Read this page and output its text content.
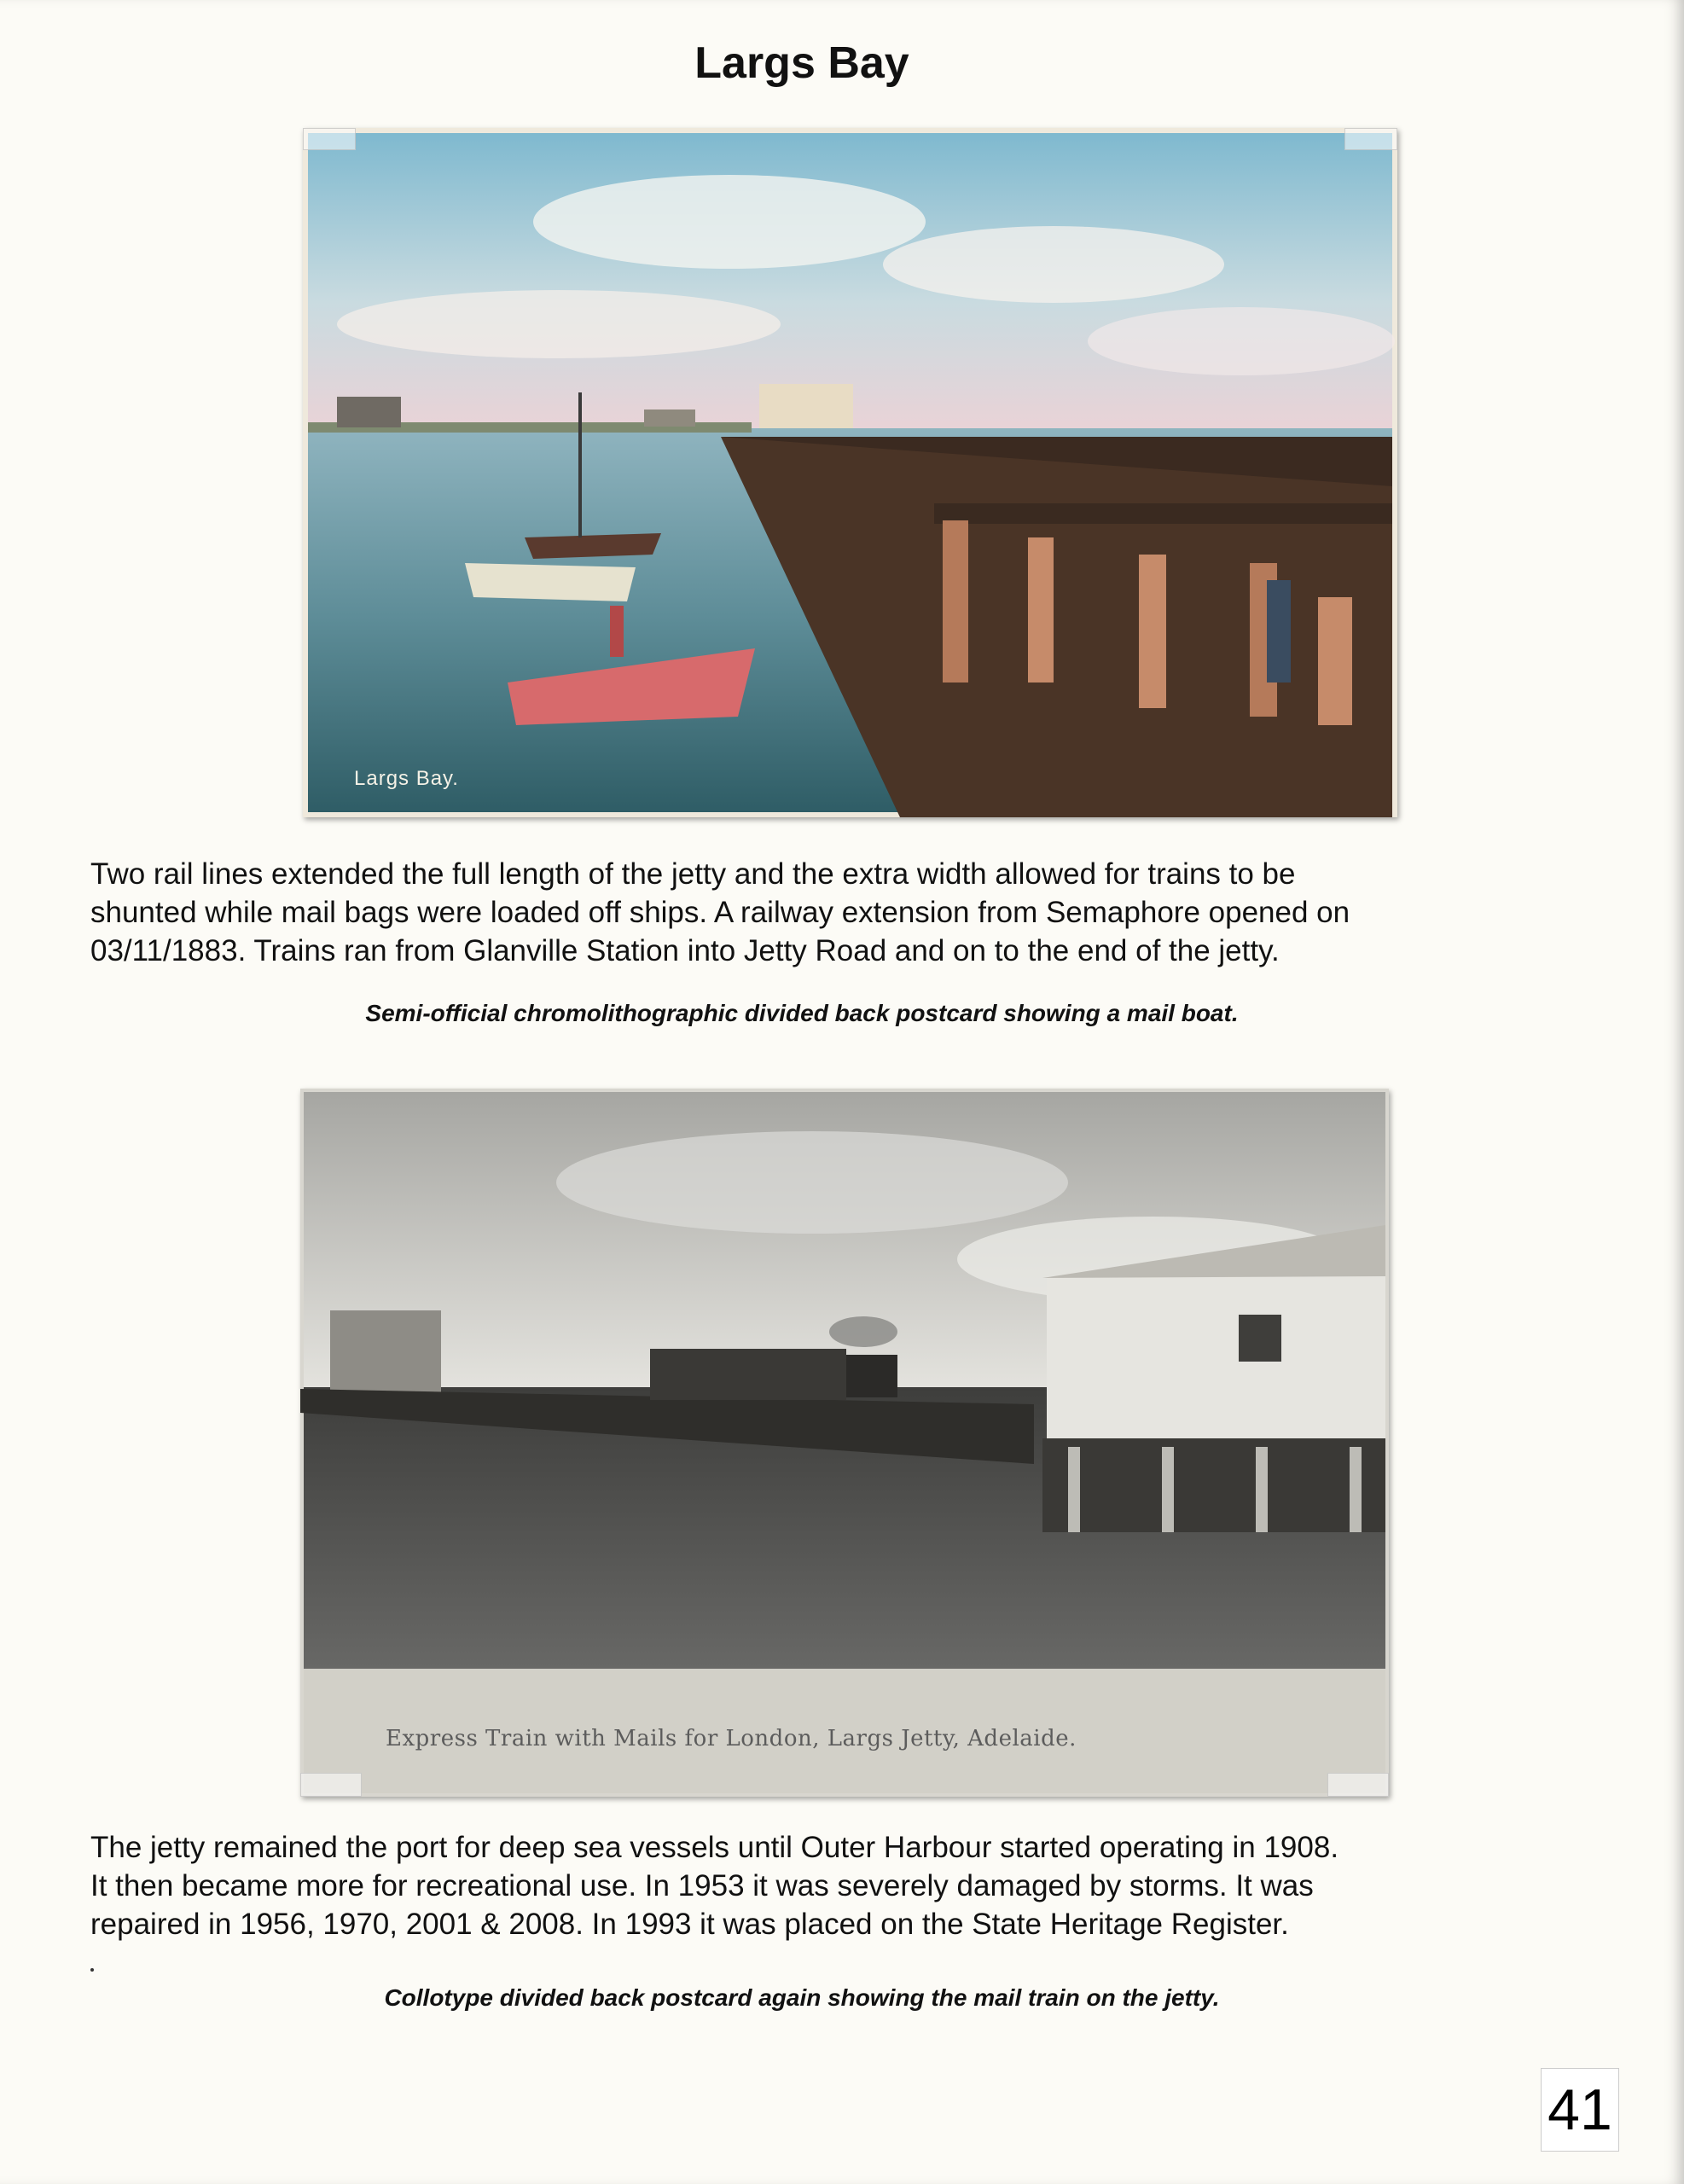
Largs Bay
Largs Bay.

Two rail lines extended the full length of the jetty and the extra width allowed for trains to be

shunted while mail bags were loaded off ships. A railway extension from Semaphore opened on

03/11/1883. Trains ran from Glanville Station into Jetty Road and on to the end of the jetty.

Semi-official chromolithographic divided back postcard showing a mail boat.
Express Train with Mails for London, Largs Jetty, Adelaide.

The jetty remained the port for deep sea vessels until Outer Harbour started operating in 1908.

It then became more for recreational use. In 1953 it was severely damaged by storms. It was

repaired in 1956, 1970, 2001 & 2008. In 1993 it was placed on the State Heritage Register.

Collotype divided back postcard again showing the mail train on the jetty.
41
